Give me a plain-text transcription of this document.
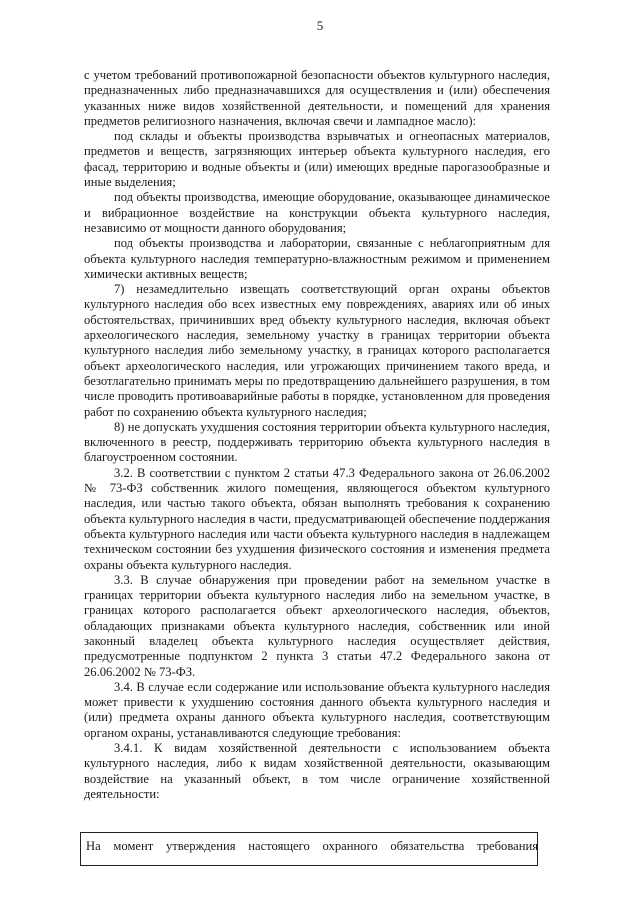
5

с учетом требований противопожарной безопасности объектов культурного наследия, предназначенных либо предназначавшихся для осуществления и (или) обеспечения указанных ниже видов хозяйственной деятельности, и помещений для хранения предметов религиозного назначения, включая свечи и лампадное масло):

под склады и объекты производства взрывчатых и огнеопасных материалов, предметов и веществ, загрязняющих интерьер объекта культурного наследия, его фасад, территорию и водные объекты и (или) имеющих вредные парогазообразные и иные выделения;

под объекты производства, имеющие оборудование, оказывающее динамическое и вибрационное воздействие на конструкции объекта культурного наследия, независимо от мощности данного оборудования;

под объекты производства и лаборатории, связанные с неблагоприятным для объекта культурного наследия температурно-влажностным режимом и применением химически активных веществ;

7) незамедлительно извещать соответствующий орган охраны объектов культурного наследия обо всех известных ему повреждениях, авариях или об иных обстоятельствах, причинивших вред объекту культурного наследия, включая объект археологического наследия, земельному участку в границах территории объекта культурного наследия либо земельному участку, в границах которого располагается объект археологического наследия, или угрожающих причинением такого вреда, и безотлагательно принимать меры по предотвращению дальнейшего разрушения, в том числе проводить противоаварийные работы в порядке, установленном для проведения работ по сохранению объекта культурного наследия;

8) не допускать ухудшения состояния территории объекта культурного наследия, включенного в реестр, поддерживать территорию объекта культурного наследия в благоустроенном состоянии.

3.2. В соответствии с пунктом 2 статьи 47.3 Федерального закона от 26.06.2002 № 73-ФЗ собственник жилого помещения, являющегося объектом культурного наследия, или частью такого объекта, обязан выполнять требования к сохранению объекта культурного наследия в части, предусматривающей обеспечение поддержания объекта культурного наследия или части объекта культурного наследия в надлежащем техническом состоянии без ухудшения физического состояния и изменения предмета охраны объекта культурного наследия.

3.3. В случае обнаружения при проведении работ на земельном участке в границах территории объекта культурного наследия либо на земельном участке, в границах которого располагается объект археологического наследия, объектов, обладающих признаками объекта культурного наследия, собственник или иной законный владелец объекта культурного наследия осуществляет действия, предусмотренные подпунктом 2 пункта 3 статьи 47.2 Федерального закона от 26.06.2002 № 73-ФЗ.

3.4. В случае если содержание или использование объекта культурного наследия может привести к ухудшению состояния данного объекта культурного наследия и (или) предмета охраны данного объекта культурного наследия, соответствующим органом охраны, устанавливаются следующие требования:

3.4.1. К видам хозяйственной деятельности с использованием объекта культурного наследия, либо к видам хозяйственной деятельности, оказывающим воздействие на указанный объект, в том числе ограничение хозяйственной деятельности:

На момент утверждения настоящего охранного обязательства требования
